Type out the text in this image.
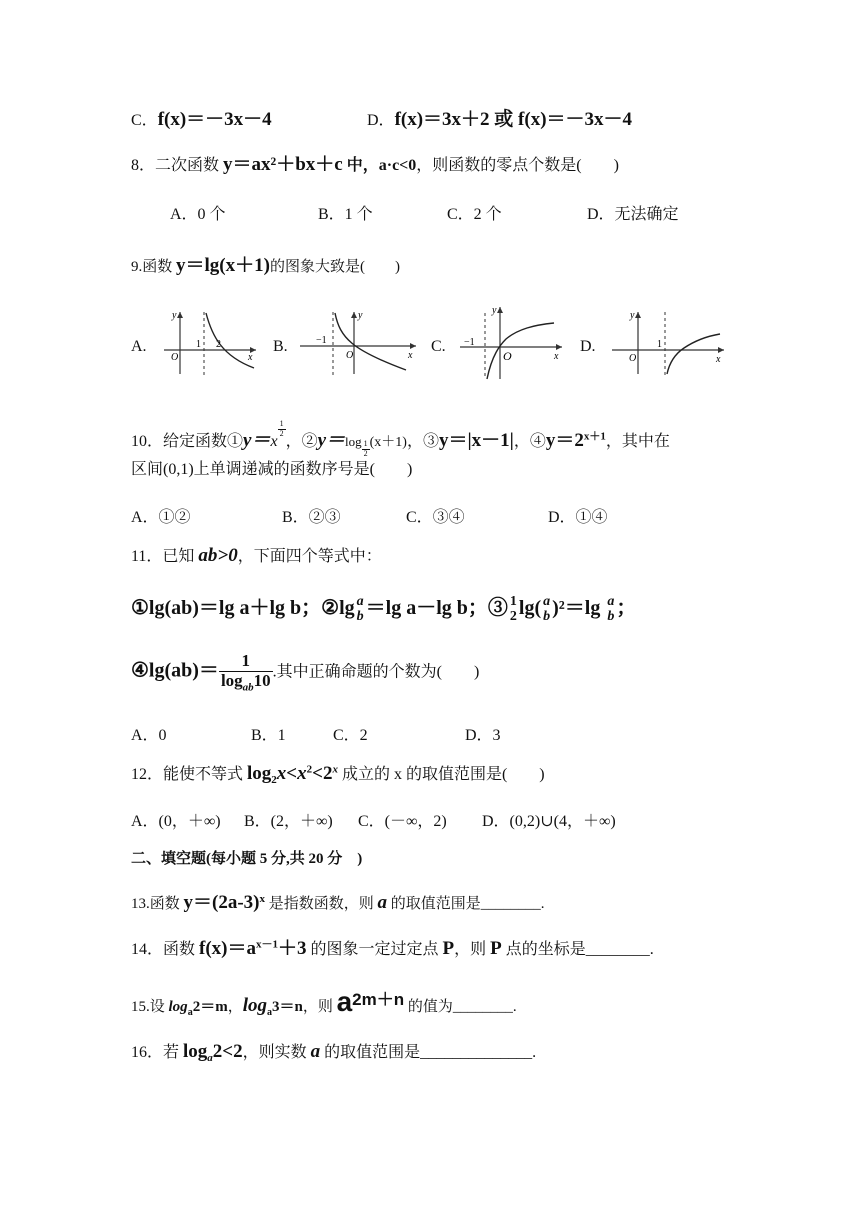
C．f(x)＝－3x－4	D．f(x)＝3x＋2 或 f(x)＝－3x－4
8．二次函数 y＝ax²＋bx＋c 中，a·c<0，则函数的零点个数是(　　)
A．0 个	B．1 个	C．2 个	D．无法确定
9.函数 y＝lg(x＋1)的图象大致是(　　)
A.
y
x
O
1 2	B.
y
x
O
−1	C.
y
x
O
−1	D.
y
x
O
1
10．给定函数①y＝x
$\frac{1}{2}$
，②y＝log $\frac{1}{2} (x+1)$，③y＝|x－1|，$④y=2^{x+1}$，其中在
区间(0,1)上单调递减的函数序号是(　　)
A．①②	B．②③	C．③④	D．①④
11．已知 ab>0，下面四个等式中：
①lg(ab)＝lg a＋lg b；②lg a
b ＝lg a－lg b；③ 1
2 lg( a
b )²＝lg a
b ；
④lg(ab)＝ $\frac{1}{\log_{ab}10}$ .其中正确命题的个数为(　　)
A．0	B．1	C．2	D．3
12．能使不等式 $\log_2x<x^2<2^x$ 成立的 x 的取值范围是(　　)
A．(0，＋∞) B．(2，＋∞) C．(－∞，2) D．(0,2)∪(4，＋∞)
二、填空题(每小题 5 分,共 20 分　)
13.函数 $y=(2a-3)^x$ 是指数函数，则 a 的取值范围是________.
14．函数 $f(x)=a^{x-1}+3$ 的图象一定过定点 P，则 P 点的坐标是________.
15.设 $\log_a2=m$，$\log_a3=n$，则 $a^{2m+n}$ 的值为________.
16．若 $\log_a2<2$，则实数 a 的取值范围是______________.
